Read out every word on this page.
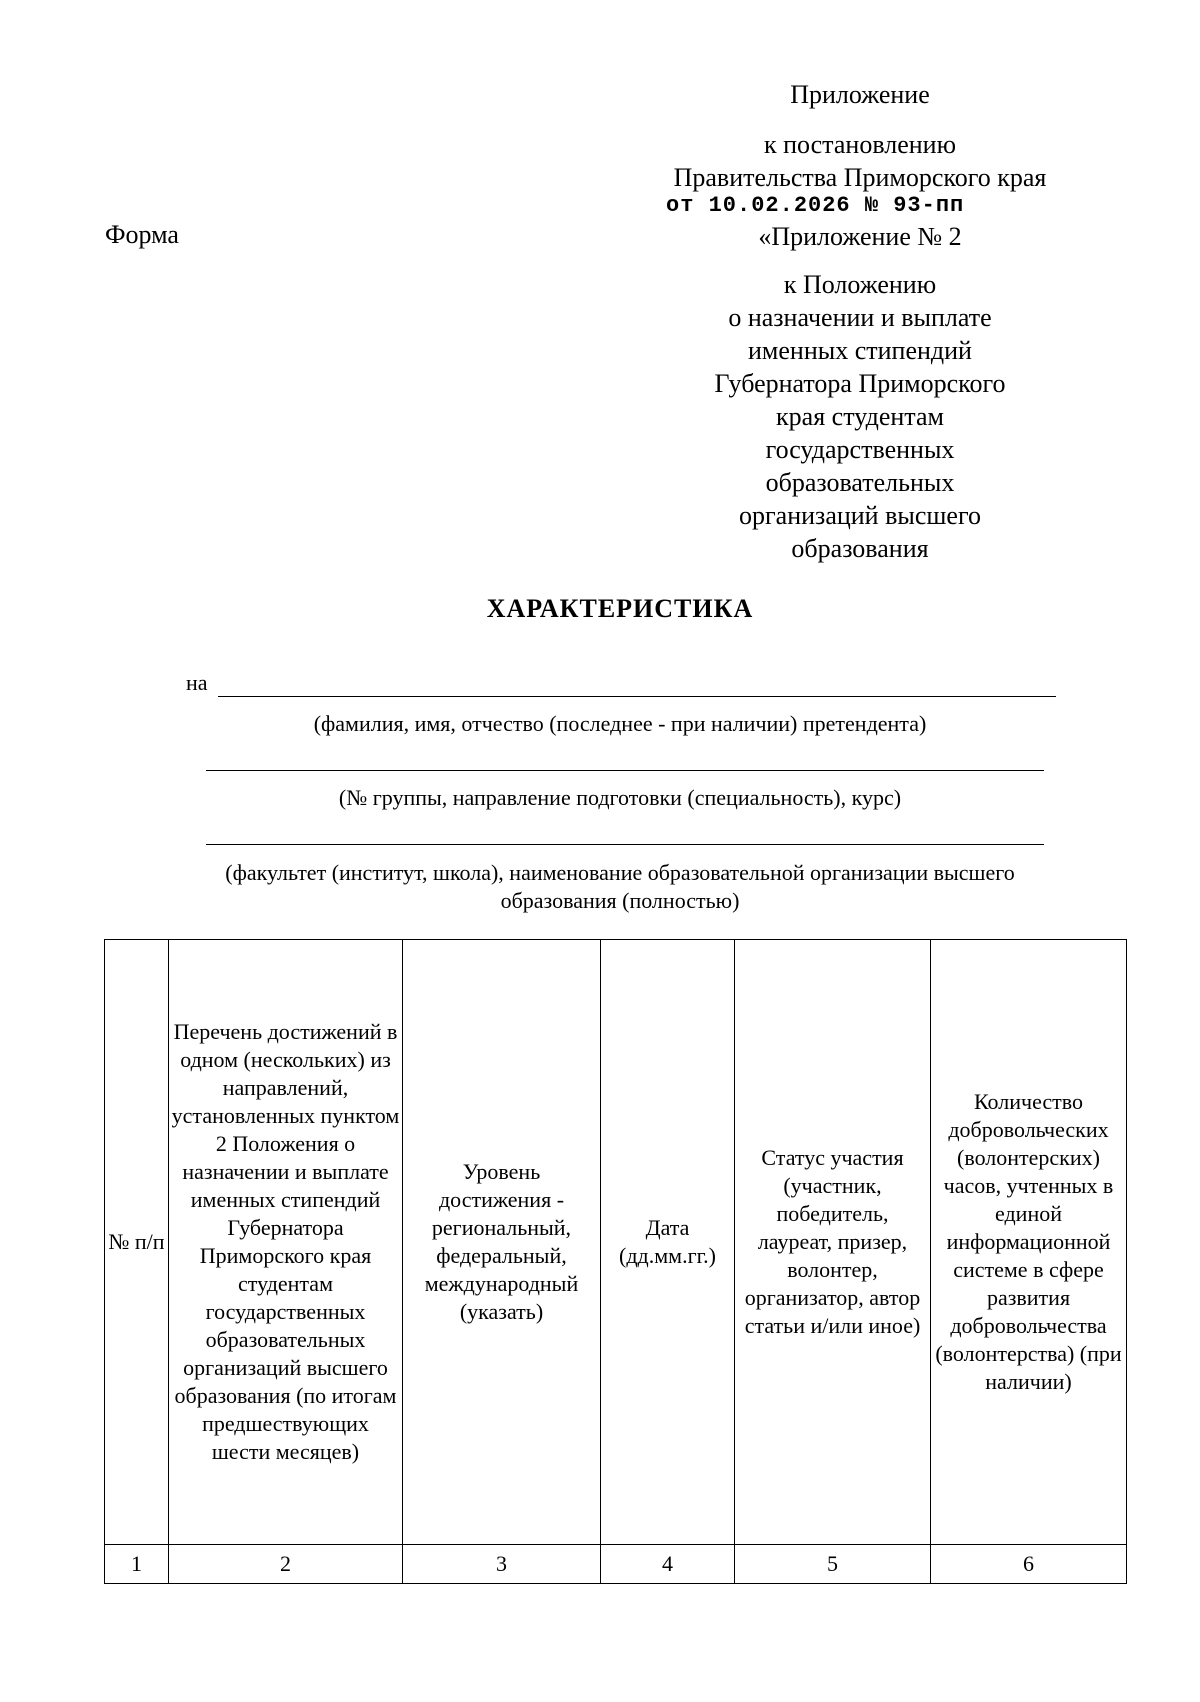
Приложение
к постановлению
Правительства Приморского края
от 10.02.2026 № 93-пп
Форма	«Приложение № 2
к Положению
о назначении и выплате
именных стипендий
Губернатора Приморского
края студентам
государственных
образовательных
организаций высшего
образования
ХАРАКТЕРИСТИКА
на
(фамилия, имя, отчество (последнее - при наличии) претендента)
(№ группы, направление подготовки (специальность), курс)
(факультет (институт, школа), наименование образовательной организации высшего
образования (полностью)
№ п/п	Перечень достижений в одном (нескольких) из направлений, установленных пунктом 2 Положения о назначении и выплате именных стипендий Губернатора Приморского края студентам государственных образовательных организаций высшего образования (по итогам предшествующих шести месяцев)	Уровень достижения - региональный, федеральный, международный (указать)	Дата (дд.мм.гг.)	Статус участия (участник, победитель, лауреат, призер, волонтер, организатор, автор статьи и/или иное)	Количество добровольческих (волонтерских) часов, учтенных в единой информационной системе в сфере развития добровольчества (волонтерства) (при наличии)
1	2	3	4	5	6
